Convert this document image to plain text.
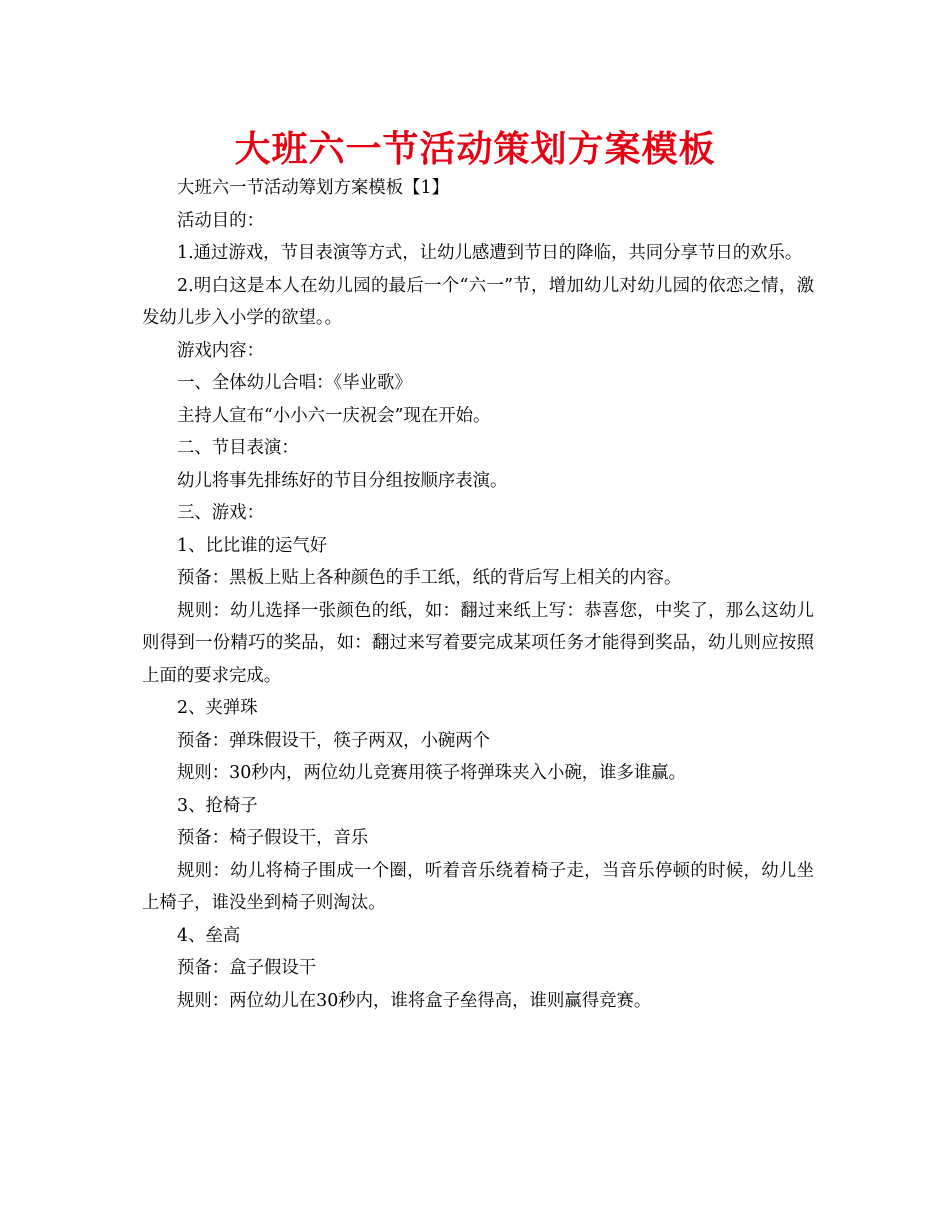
大班六一节活动策划方案模板

大班六一节活动筹划方案模板【1】

活动目的：

1.通过游戏，节目表演等方式，让幼儿感遭到节日的降临，共同分享节日的欢乐。

2.明白这是本人在幼儿园的最后一个“六一”节，增加幼儿对幼儿园的依恋之情，激发幼儿步入小学的欲望。。

游戏内容：

一、全体幼儿合唱：《毕业歌》

主持人宣布“小小六一庆祝会”现在开始。

二、节目表演：

幼儿将事先排练好的节目分组按顺序表演。

三、游戏：

1、比比谁的运气好

预备：黑板上贴上各种颜色的手工纸，纸的背后写上相关的内容。

规则：幼儿选择一张颜色的纸，如：翻过来纸上写：恭喜您，中奖了，那么这幼儿则得到一份精巧的奖品，如：翻过来写着要完成某项任务才能得到奖品，幼儿则应按照上面的要求完成。

2、夹弹珠

预备：弹珠假设干，筷子两双，小碗两个

规则：30秒内，两位幼儿竞赛用筷子将弹珠夹入小碗，谁多谁赢。

3、抢椅子

预备：椅子假设干，音乐

规则：幼儿将椅子围成一个圈，听着音乐绕着椅子走，当音乐停顿的时候，幼儿坐上椅子，谁没坐到椅子则淘汰。

4、垒高

预备：盒子假设干

规则：两位幼儿在30秒内，谁将盒子垒得高，谁则赢得竞赛。
